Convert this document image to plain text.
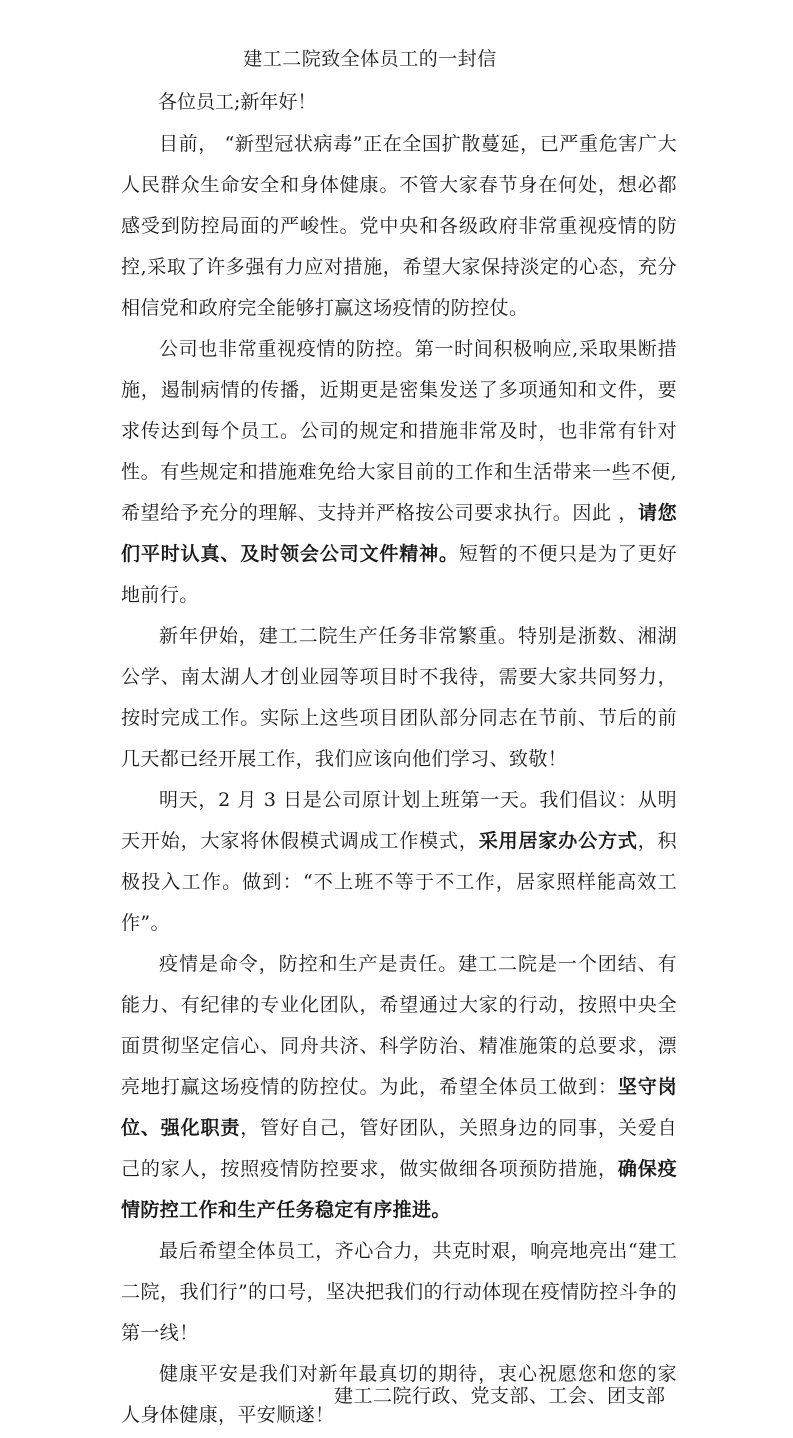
建工二院致全体员工的一封信
各位员工;新年好！

目前， “新型冠状病毒”正在全国扩散蔓延，已严重危害广大人民群众生命安全和身体健康。不管大家春节身在何处，想必都感受到防控局面的严峻性。党中央和各级政府非常重视疫情的防控,采取了许多强有力应对措施，希望大家保持淡定的心态，充分相信党和政府完全能够打赢这场疫情的防控仗。

公司也非常重视疫情的防控。第一时间积极响应,采取果断措施，遏制病情的传播，近期更是密集发送了多项通知和文件，要求传达到每个员工。公司的规定和措施非常及时，也非常有针对性。有些规定和措施难免给大家目前的工作和生活带来一些不便,希望给予充分的理解、支持并严格按公司要求执行。因此 ，请您们平时认真、及时领会公司文件精神。短暂的不便只是为了更好地前行。

新年伊始，建工二院生产任务非常繁重。特别是浙数、湘湖公学、南太湖人才创业园等项目时不我待，需要大家共同努力，按时完成工作。实际上这些项目团队部分同志在节前、节后的前几天都已经开展工作，我们应该向他们学习、致敬！

明天，2 月 3 日是公司原计划上班第一天。我们倡议：从明天开始，大家将休假模式调成工作模式，采用居家办公方式，积极投入工作。做到：“不上班不等于不工作，居家照样能高效工作”。

疫情是命令，防控和生产是责任。建工二院是一个团结、有能力、有纪律的专业化团队，希望通过大家的行动，按照中央全面贯彻坚定信心、同舟共济、科学防治、精准施策的总要求，漂亮地打赢这场疫情的防控仗。为此，希望全体员工做到：坚守岗位、强化职责，管好自己，管好团队，关照身边的同事，关爱自己的家人，按照疫情防控要求，做实做细各项预防措施，确保疫情防控工作和生产任务稳定有序推进。

最后希望全体员工，齐心合力，共克时艰，响亮地亮出“建工二院，我们行”的口号，坚决把我们的行动体现在疫情防控斗争的第一线！

健康平安是我们对新年最真切的期待，衷心祝愿您和您的家人身体健康，平安顺遂！

建工二院行政、党支部、工会、团支部
